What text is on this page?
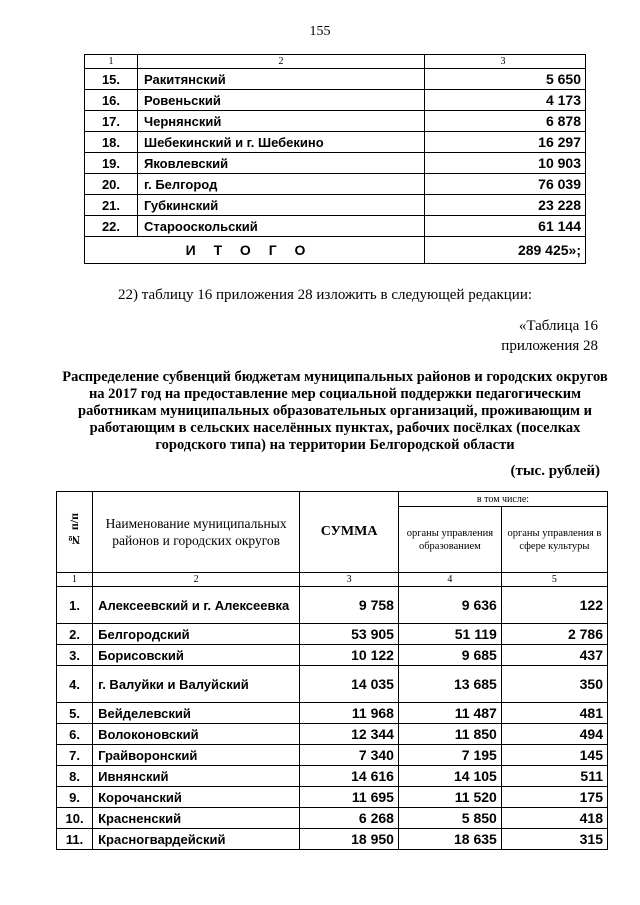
155
1	2	3
15.	Ракитянский	5 650
16.	Ровеньский	4 173
17.	Чернянский	6 878
18.	Шебекинский и г. Шебекино	16 297
19.	Яковлевский	10 903
20.	г. Белгород	76 039
21.	Губкинский	23 228
22.	Старооскольский	61 144
ИТОГО		289 425»;
22) таблицу 16 приложения 28 изложить в следующей редакции:
«Таблица 16
приложения 28
Распределение субвенций бюджетам муниципальных районов и городских округов на 2017 год на предоставление мер социальной поддержки педагогическим работникам муниципальных образовательных организаций, проживающим и работающим в сельских населённых пунктах, рабочих посёлках (поселках городского типа) на территории Белгородской области
(тыс. рублей)
№ п/п	Наименование муниципальных районов и городских округов	СУММА	в том числе:	
			органы управления образованием	органы управления в сфере культуры
1	2	3	4	5
1.	Алексеевский и г. Алексеевка	9 758	9 636	122
2.	Белгородский	53 905	51 119	2 786
3.	Борисовский	10 122	9 685	437
4.	г. Валуйки и Валуйский	14 035	13 685	350
5.	Вейделевский	11 968	11 487	481
6.	Волоконовский	12 344	11 850	494
7.	Грайворонский	7 340	7 195	145
8.	Ивнянский	14 616	14 105	511
9.	Корочанский	11 695	11 520	175
10.	Красненский	6 268	5 850	418
11.	Красногвардейский	18 950	18 635	315
